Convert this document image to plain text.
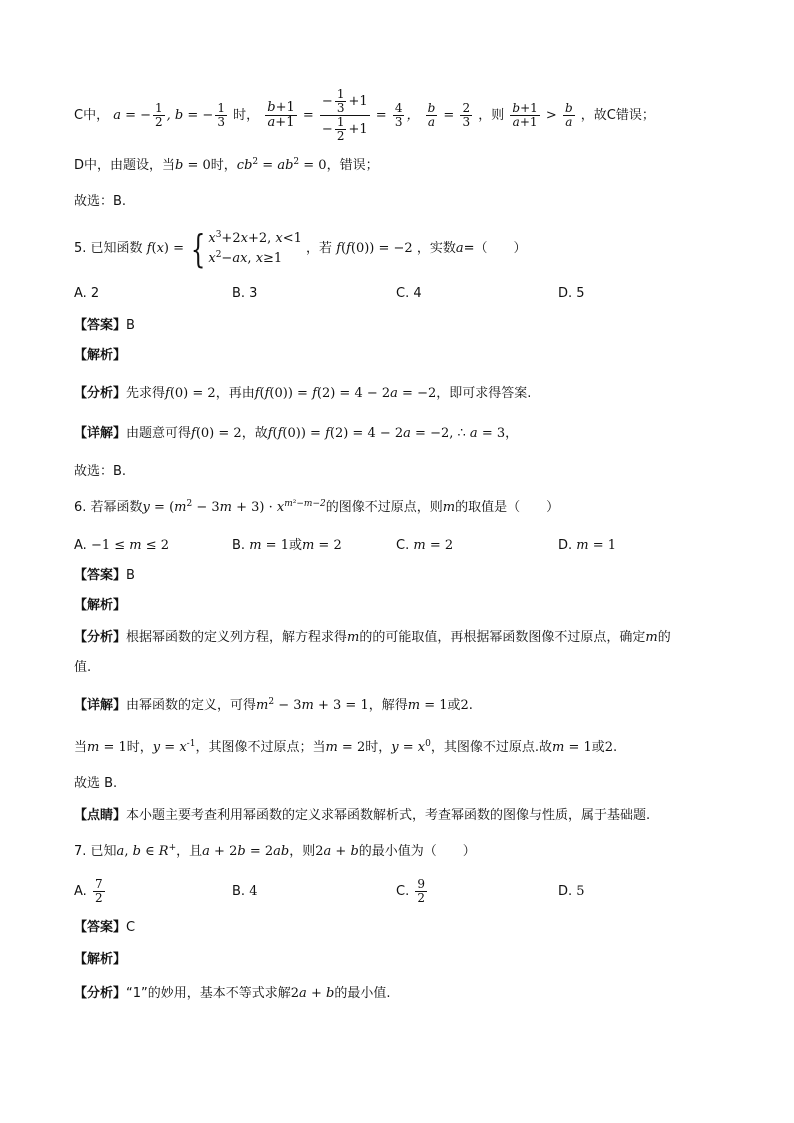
C中， a = − $\frac{1}{2}$ , b = − $\frac{1}{3}$ 时， $\frac{b+1}{a+1} = \frac{- \frac{1}{3} +1}{- \frac{1}{2} +1} = \frac{4}{3}$ ， $\frac{b}{a} = \frac{2}{3}$ ，则 $\frac{b+1}{a+1} > \frac{b}{a}$ ，故C错误；
D中，由题设，当b = 0时，$cb^2 = ab^2 = 0$，错误；
故选：B.
5. 已知函数 f(x) = { $x^3+2x+2$, x<1
$x^2-ax$, x≥1
，若 f(f(0)) = −2 ，实数a=（　　）
A. 2	B. 3	C. 4	D. 5
【答案】B
【解析】
【分析】先求得f(0) = 2，再由f(f(0)) = f(2) = 4 − 2a = −2，即可求得答案.
【详解】由题意可得f(0) = 2，故f(f(0)) = f(2) = 4 − 2a = −2, ∴ a = 3，
故选：B.
6. 若幂函数$y = (m^2 - 3m + 3) \cdot x^{m^2-m-2}$的图像不过原点，则m的取值是（　　）
A. −1 ≤ m ≤ 2	B. m = 1或m = 2	C. m = 2	D. m = 1
【答案】B
【解析】
【分析】根据幂函数的定义列方程，解方程求得m的的可能取值，再根据幂函数图像不过原点，确定m的
值.
【详解】由幂函数的定义，可得$m^2 - 3m + 3 = 1$，解得m = 1或2.
当m = 1时，$y = x^{-1}$，其图像不过原点；当m = 2时，$y = x^0$，其图像不过原点.故m = 1或2.
故选 B.
【点睛】本小题主要考查利用幂函数的定义求幂函数解析式，考查幂函数的图像与性质，属于基础题.
7. 已知a, b ∈ R+，且a + 2b = 2ab，则2a + b的最小值为（　　）
A. $\frac{7}{2}$	B. 4	C. $\frac{9}{2}$	D. 5
【答案】C
【解析】
【分析】“1”的妙用，基本不等式求解2a + b的最小值.
